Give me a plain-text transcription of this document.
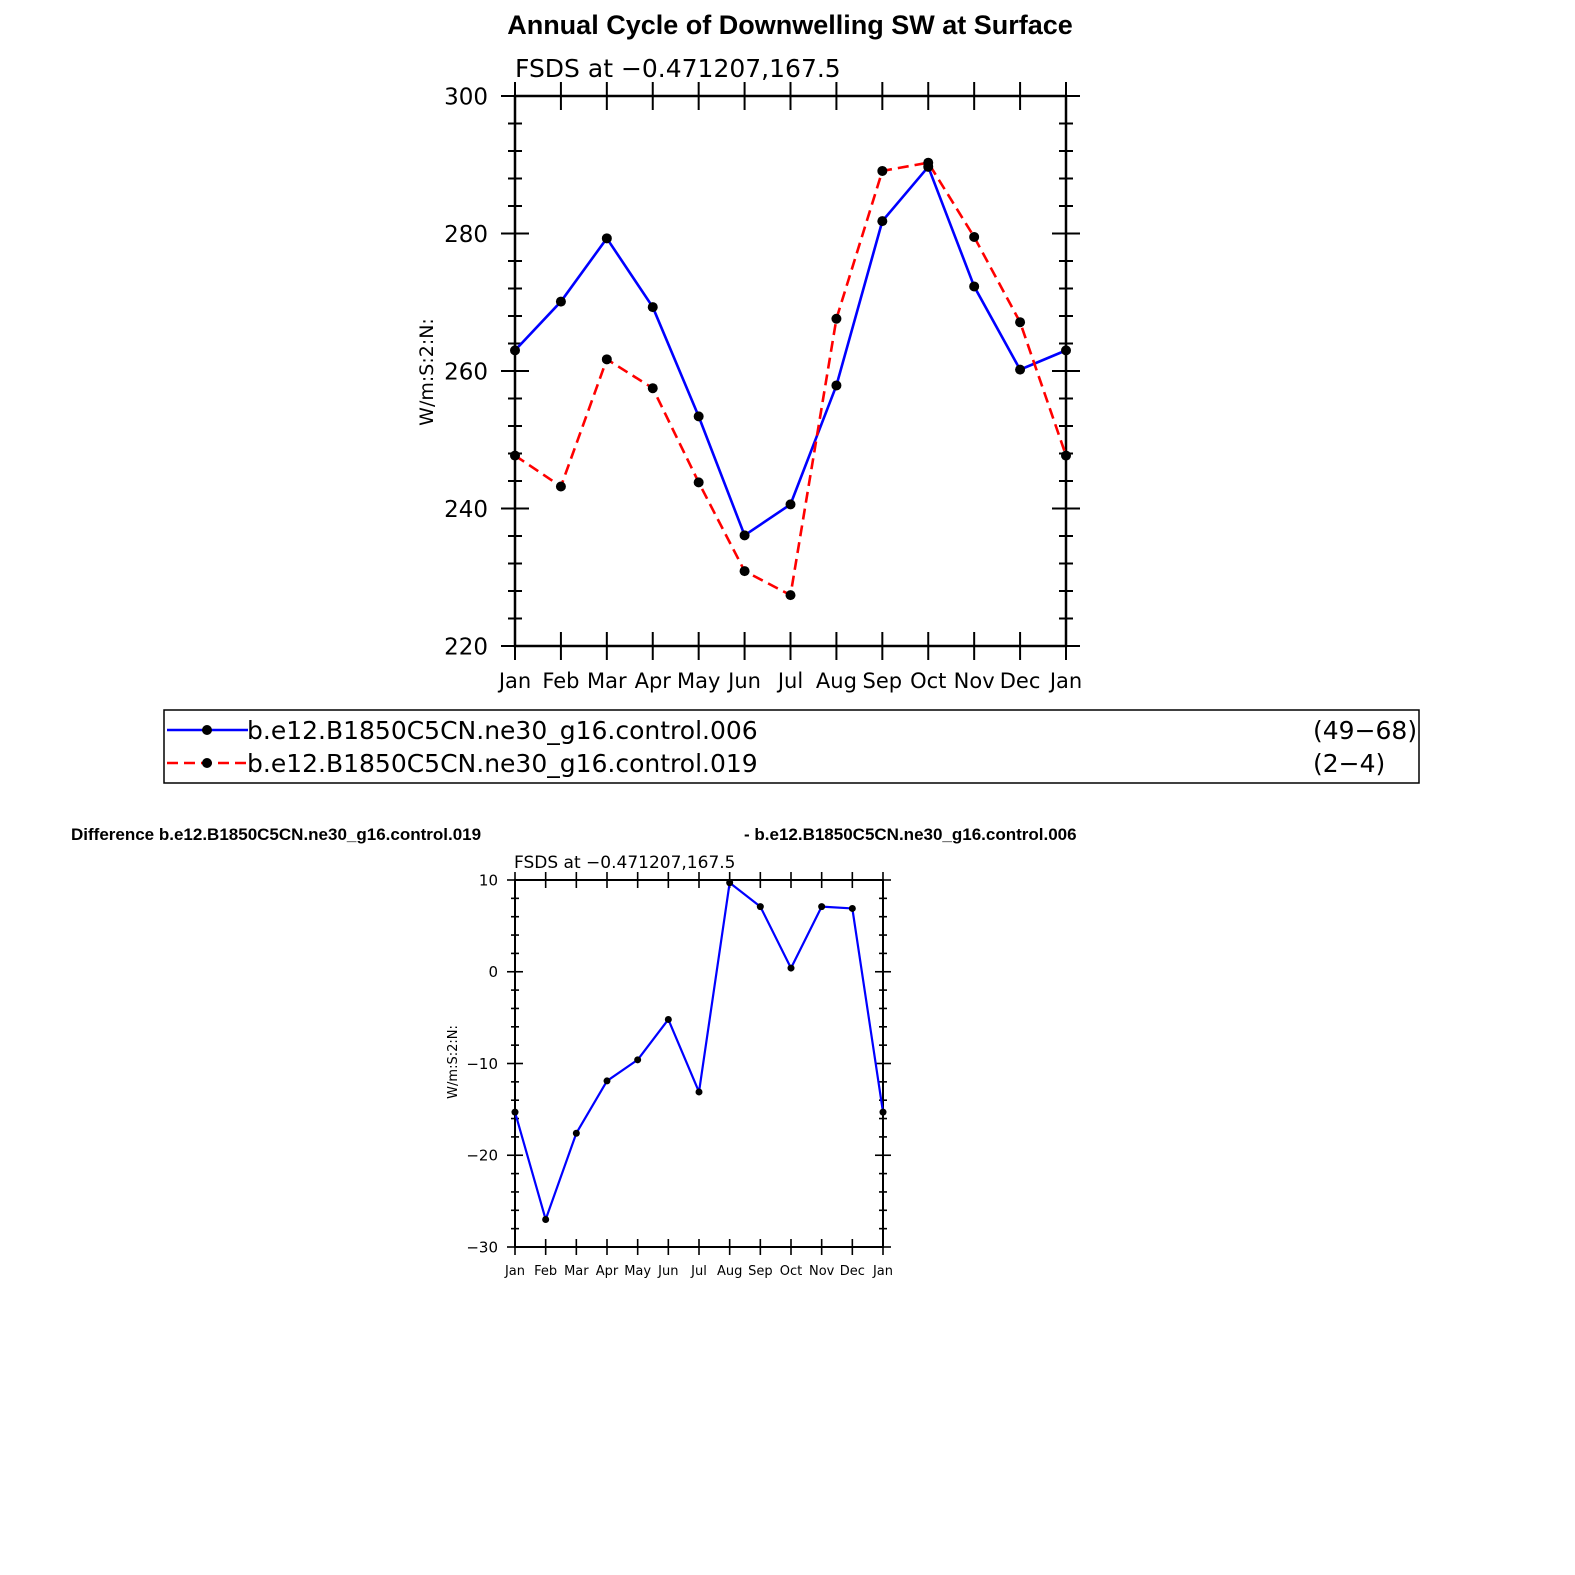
Annual Cycle of Downwelling SW at Surface
FSDS at −0.471207,167.5
W/m:S:2:N:
Jan Feb Mar Apr May Jun Jul Aug Sep Oct Nov Dec Jan
220
240
260
280
300
b.e12.B1850C5CN.ne30_g16.control.006	(49−68)
b.e12.B1850C5CN.ne30_g16.control.019	(2−4)
Difference b.e12.B1850C5CN.ne30_g16.control.019	- b.e12.B1850C5CN.ne30_g16.control.006
FSDS at −0.471207,167.5
W/m:S:2:N:
Jan Feb Mar Apr May Jun Jul Aug Sep Oct Nov Dec Jan
−30
−20
−10
0
10
